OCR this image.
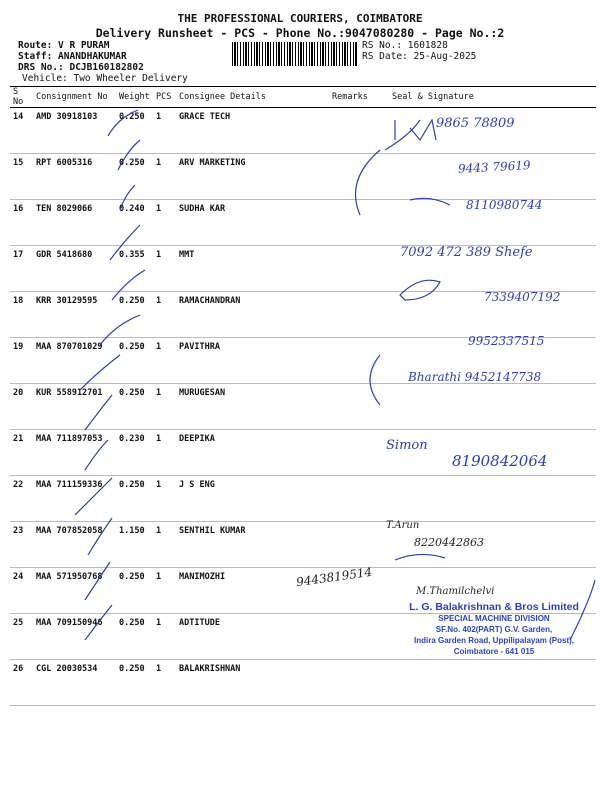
THE PROFESSIONAL COURIERS, COIMBATORE
Delivery Runsheet - PCS - Phone No.:9047080280 - Page No.:2
Route: V R PURAM
Staff: ANANDHAKUMAR
DRS No.: DCJB160182802
Vehicle: Two Wheeler Delivery
RS No.: 1601828
RS Date: 25-Aug-2025
S No	Consignment No	Weight	PCS	Consignee Details	Remarks	Seal & Signature
14	AMD 30918103	0.250	1	GRACE TECH		
15	RPT 6005316	0.250	1	ARV MARKETING		
16	TEN 8029066	0.240	1	SUDHA KAR		
17	GDR 5418680	0.355	1	MMT		
18	KRR 30129595	0.250	1	RAMACHANDRAN		
19	MAA 870701029	0.250	1	PAVITHRA		
20	KUR 558912701	0.250	1	MURUGESAN		
21	MAA 711897053	0.230	1	DEEPIKA		
22	MAA 711159336	0.250	1	J S ENG		
23	MAA 707852058	1.150	1	SENTHIL KUMAR		
24	MAA 571950768	0.250	1	MANIMOZHI		
25	MAA 709150946	0.250	1	ADTITUDE		
26	CGL 20030534	0.250	1	BALAKRISHNAN		
9865 78809
9443 79619
8110980744
7092 472 389 Shefe
7339407192
9952337515
Bharathi 9452147738
Simon
8190842064
T.Arun
8220442863
9443819514
M.Thamilchelvi
L. G. Balakrishnan & Bros Limited
SPECIAL MACHINE DIVISION
SF.No. 402(PART) G.V. Garden,
Indira Garden Road, Uppilipalayam (Post),
Coimbatore - 641 015
